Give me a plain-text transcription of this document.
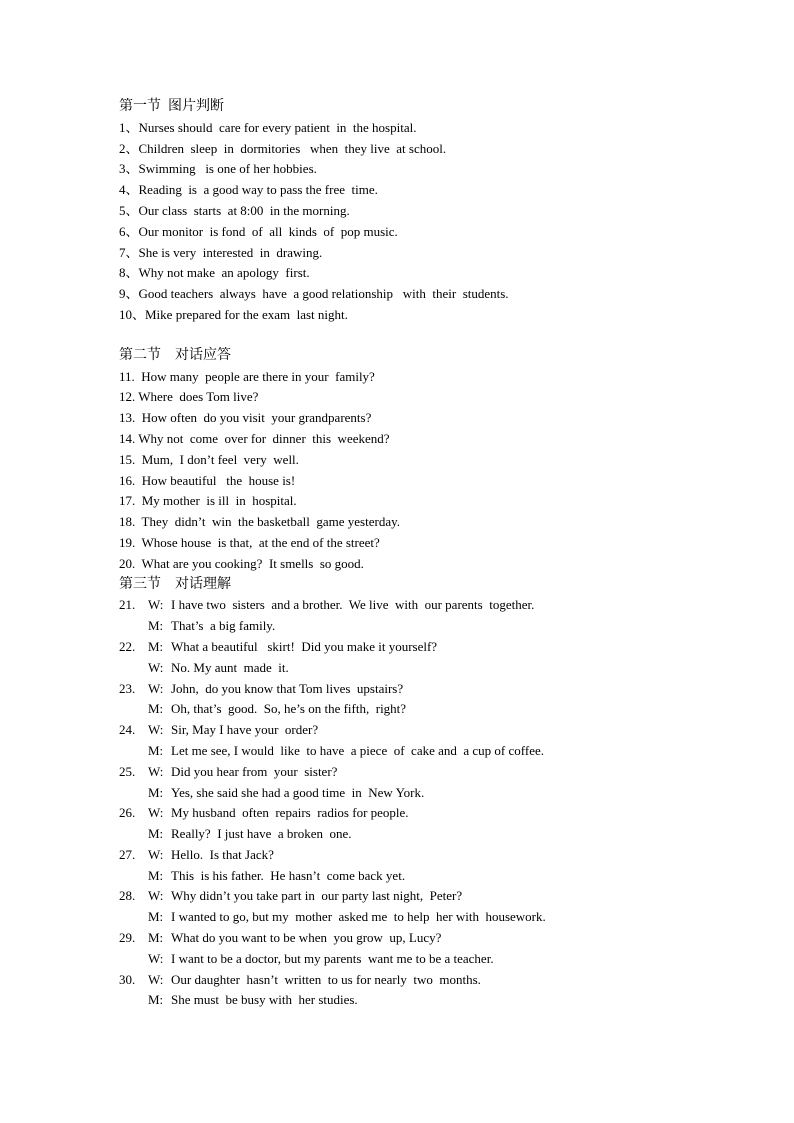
第一节  图片判断
1、Nurses should  care for every patient  in  the hospital.
2、Children  sleep  in  dormitories   when  they live  at school.
3、Swimming   is one of her hobbies.
4、Reading  is  a good way to pass the free  time.
5、Our class  starts  at 8:00  in the morning.
6、Our monitor  is fond  of  all  kinds  of  pop music.
7、She is very  interested  in  drawing.
8、Why not make  an apology  first.
9、Good teachers  always  have  a good relationship   with  their  students.
10、Mike prepared for the exam  last night.
第二节    对话应答
11.  How many  people are there in your  family?
12. Where  does Tom live?
13.  How often  do you visit  your grandparents?
14. Why not  come  over for  dinner  this  weekend?
15.  Mum,  I don’t feel  very  well.
16.  How beautiful   the  house is!
17.  My mother  is ill  in  hospital.
18.  They  didn’t  win  the basketball  game yesterday.
19.  Whose house  is that,  at the end of the street?
20.  What are you cooking?  It smells  so good.
第三节    对话理解
21. W: I have two  sisters  and a brother.  We live  with  our parents  together.
M: That’s  a big family.
22. M: What a beautiful   skirt!  Did you make it yourself?
W: No. My aunt  made  it.
23. W: John,  do you know that Tom lives  upstairs?
M: Oh, that’s  good.  So, he’s on the fifth,  right?
24. W: Sir, May I have your  order?
M: Let me see, I would  like  to have  a piece  of  cake and  a cup of coffee.
25. W: Did you hear from  your  sister?
M: Yes, she said she had a good time  in  New York.
26. W: My husband  often  repairs  radios for people.
M: Really?  I just have  a broken  one.
27. W: Hello.  Is that Jack?
M: This  is his father.  He hasn’t  come back yet.
28. W: Why didn’t you take part in  our party last night,  Peter?
M: I wanted to go, but my  mother  asked me  to help  her with  housework.
29. M: What do you want to be when  you grow  up, Lucy?
W: I want to be a doctor, but my parents  want me to be a teacher.
30. W: Our daughter  hasn’t  written  to us for nearly  two  months.
M: She must  be busy with  her studies.
